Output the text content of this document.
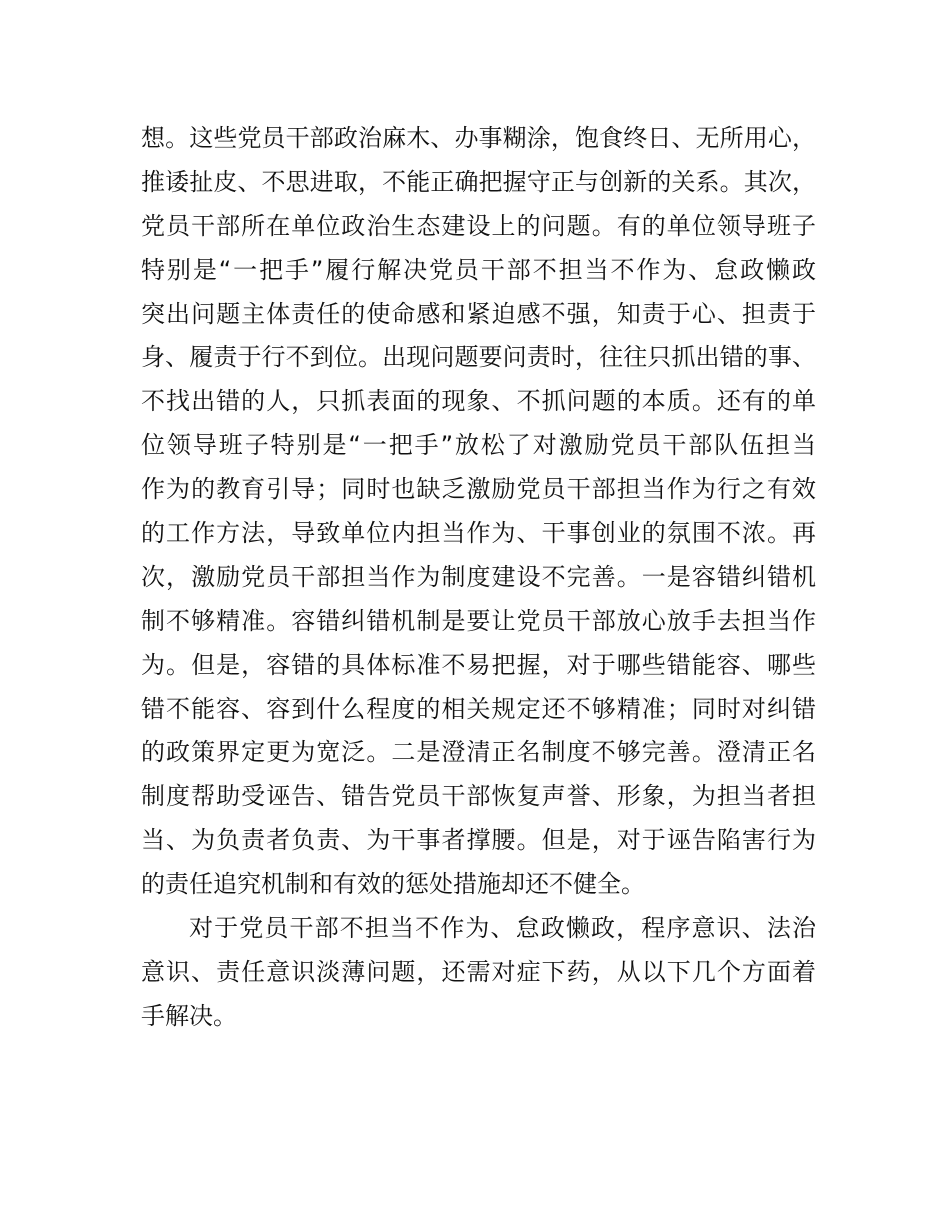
想。这些党员干部政治麻木、办事糊涂，饱食终日、无所用心，
推诿扯皮、不思进取，不能正确把握守正与创新的关系。其次，
党员干部所在单位政治生态建设上的问题。有的单位领导班子
特别是“一把手”履行解决党员干部不担当不作为、怠政懒政
突出问题主体责任的使命感和紧迫感不强，知责于心、担责于
身、履责于行不到位。出现问题要问责时，往往只抓出错的事、
不找出错的人，只抓表面的现象、不抓问题的本质。还有的单
位领导班子特别是“一把手”放松了对激励党员干部队伍担当
作为的教育引导；同时也缺乏激励党员干部担当作为行之有效
的工作方法，导致单位内担当作为、干事创业的氛围不浓。再
次，激励党员干部担当作为制度建设不完善。一是容错纠错机
制不够精准。容错纠错机制是要让党员干部放心放手去担当作
为。但是，容错的具体标准不易把握，对于哪些错能容、哪些
错不能容、容到什么程度的相关规定还不够精准；同时对纠错
的政策界定更为宽泛。二是澄清正名制度不够完善。澄清正名
制度帮助受诬告、错告党员干部恢复声誉、形象，为担当者担
当、为负责者负责、为干事者撑腰。但是，对于诬告陷害行为
的责任追究机制和有效的惩处措施却还不健全。
对于党员干部不担当不作为、怠政懒政，程序意识、法治
意识、责任意识淡薄问题，还需对症下药，从以下几个方面着
手解决。
